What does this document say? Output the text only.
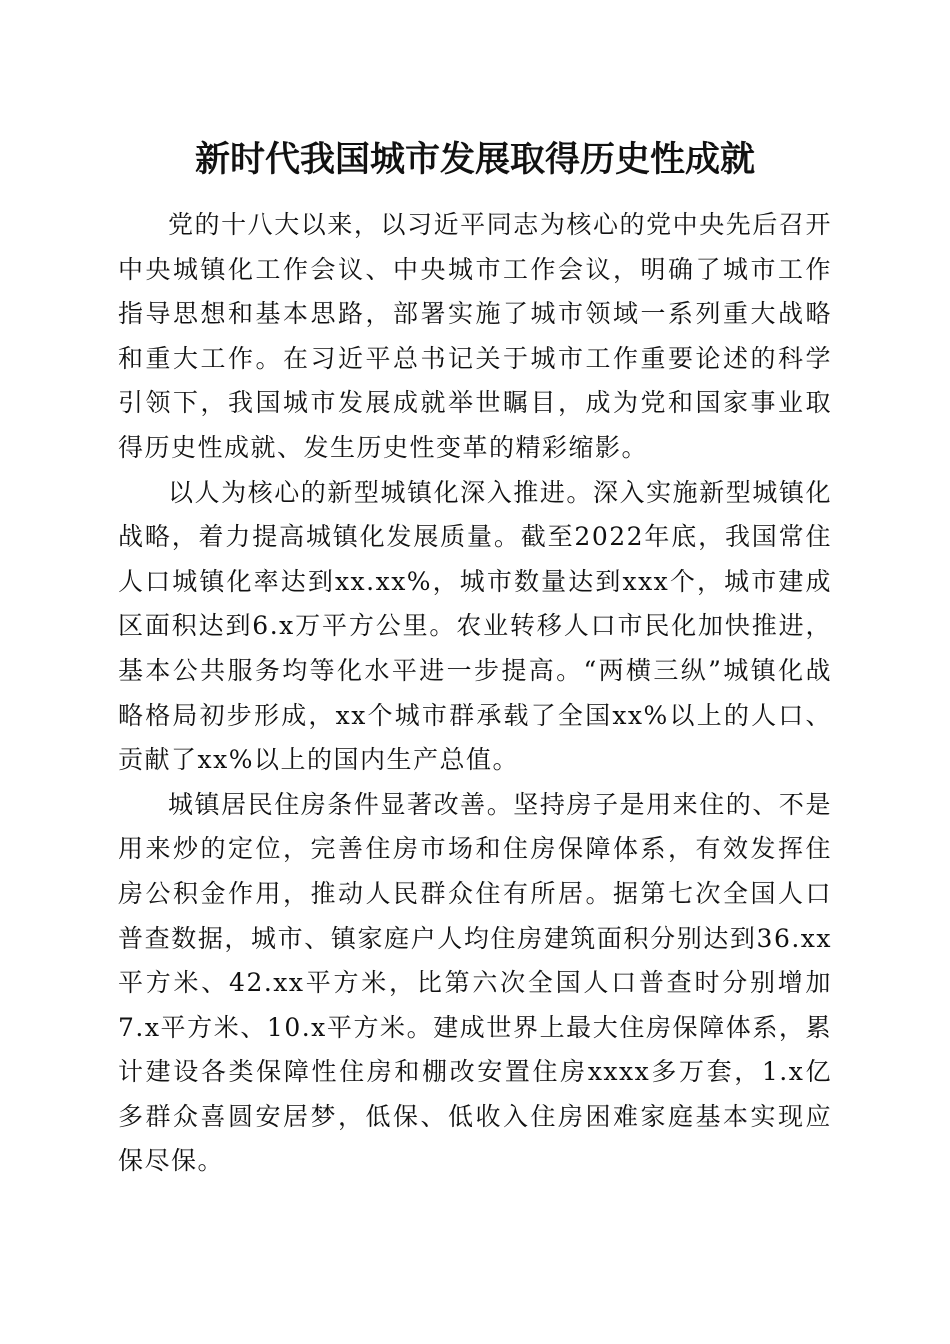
新时代我国城市发展取得历史性成就

党的十八大以来，以习近平同志为核心的党中央先后召开中央城镇化工作会议、中央城市工作会议，明确了城市工作指导思想和基本思路，部署实施了城市领域一系列重大战略和重大工作。在习近平总书记关于城市工作重要论述的科学引领下，我国城市发展成就举世瞩目，成为党和国家事业取得历史性成就、发生历史性变革的精彩缩影。

以人为核心的新型城镇化深入推进。深入实施新型城镇化战略，着力提高城镇化发展质量。截至2022年底，我国常住人口城镇化率达到xx.xx%，城市数量达到xxx个，城市建成区面积达到6.x万平方公里。农业转移人口市民化加快推进，基本公共服务均等化水平进一步提高。“两横三纵”城镇化战略格局初步形成，xx个城市群承载了全国xx%以上的人口、贡献了xx%以上的国内生产总值。

城镇居民住房条件显著改善。坚持房子是用来住的、不是用来炒的定位，完善住房市场和住房保障体系，有效发挥住房公积金作用，推动人民群众住有所居。据第七次全国人口普查数据，城市、镇家庭户人均住房建筑面积分别达到36.xx平方米、42.xx平方米，比第六次全国人口普查时分别增加7.x平方米、10.x平方米。建成世界上最大住房保障体系，累计建设各类保障性住房和棚改安置住房xxxx多万套，1.x亿多群众喜圆安居梦，低保、低收入住房困难家庭基本实现应保尽保。
